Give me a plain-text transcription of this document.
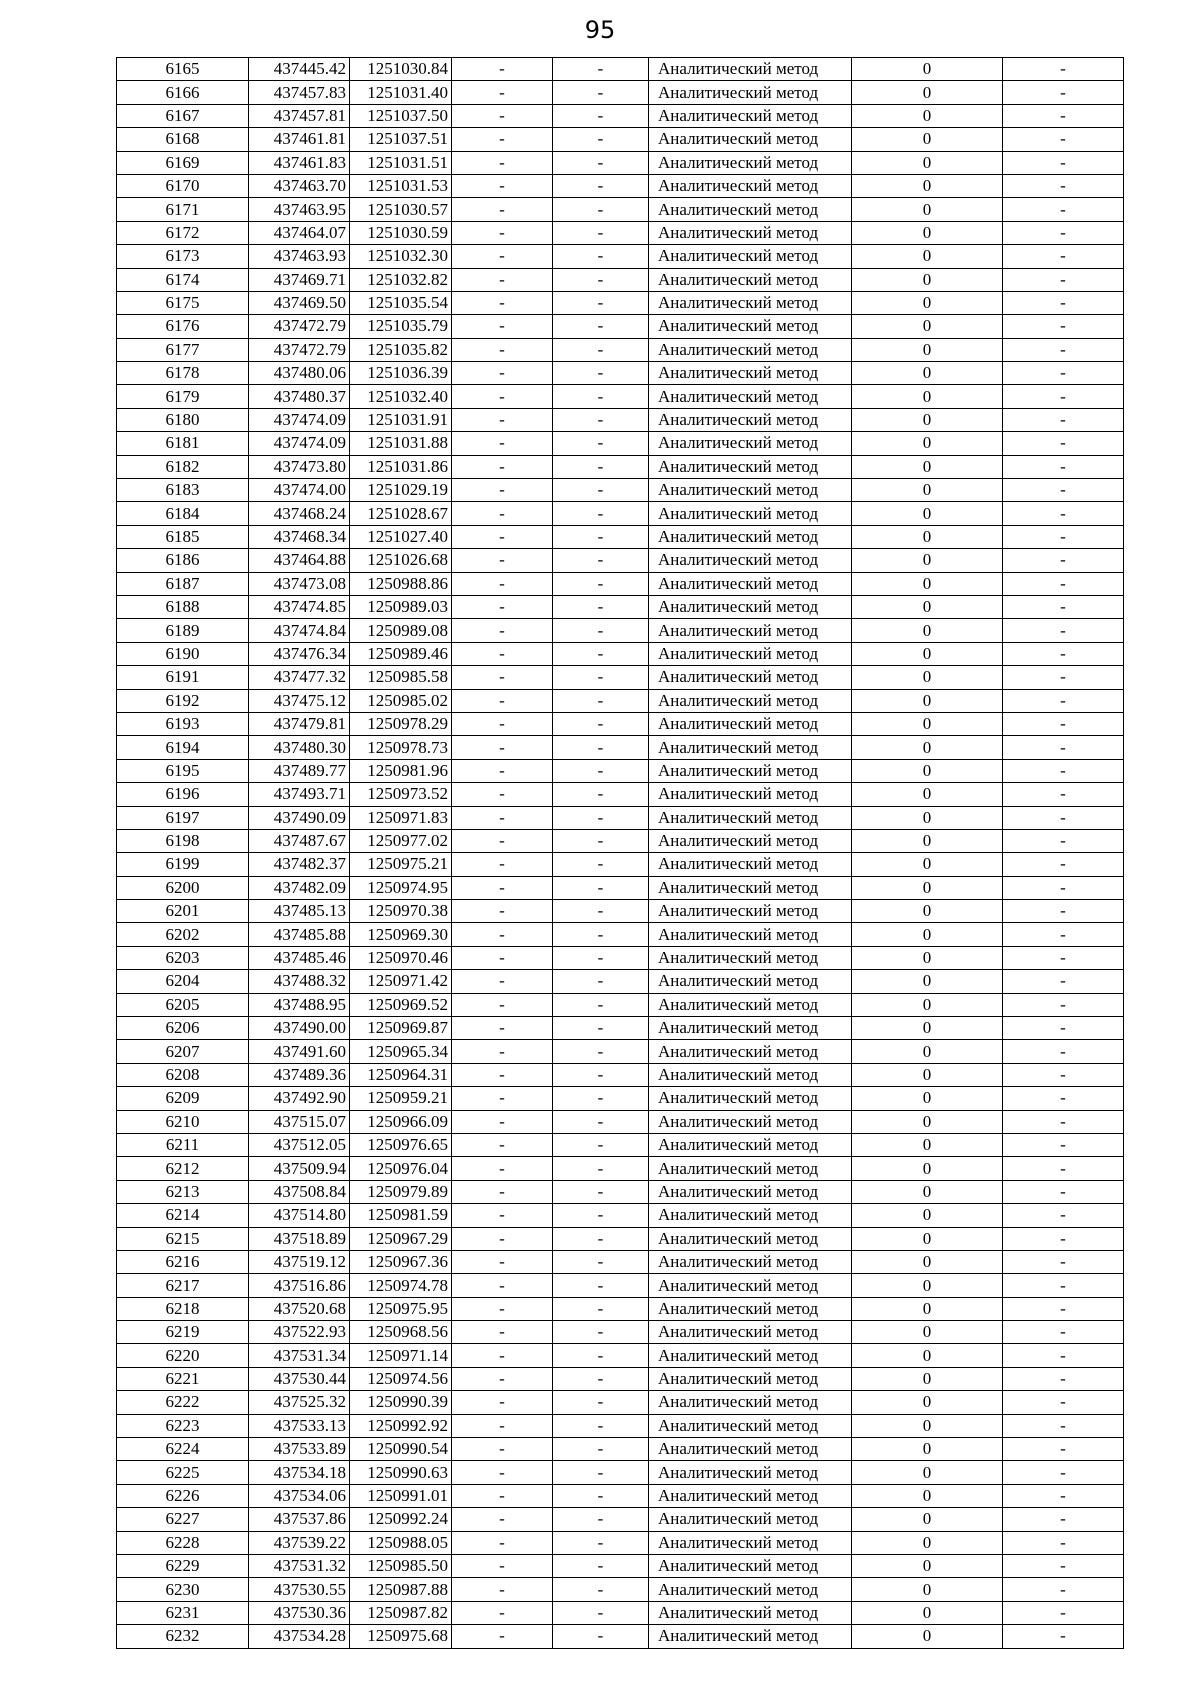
95
6165	437445.42	1251030.84	-	-	Аналитический метод	0	-
6166	437457.83	1251031.40	-	-	Аналитический метод	0	-
6167	437457.81	1251037.50	-	-	Аналитический метод	0	-
6168	437461.81	1251037.51	-	-	Аналитический метод	0	-
6169	437461.83	1251031.51	-	-	Аналитический метод	0	-
6170	437463.70	1251031.53	-	-	Аналитический метод	0	-
6171	437463.95	1251030.57	-	-	Аналитический метод	0	-
6172	437464.07	1251030.59	-	-	Аналитический метод	0	-
6173	437463.93	1251032.30	-	-	Аналитический метод	0	-
6174	437469.71	1251032.82	-	-	Аналитический метод	0	-
6175	437469.50	1251035.54	-	-	Аналитический метод	0	-
6176	437472.79	1251035.79	-	-	Аналитический метод	0	-
6177	437472.79	1251035.82	-	-	Аналитический метод	0	-
6178	437480.06	1251036.39	-	-	Аналитический метод	0	-
6179	437480.37	1251032.40	-	-	Аналитический метод	0	-
6180	437474.09	1251031.91	-	-	Аналитический метод	0	-
6181	437474.09	1251031.88	-	-	Аналитический метод	0	-
6182	437473.80	1251031.86	-	-	Аналитический метод	0	-
6183	437474.00	1251029.19	-	-	Аналитический метод	0	-
6184	437468.24	1251028.67	-	-	Аналитический метод	0	-
6185	437468.34	1251027.40	-	-	Аналитический метод	0	-
6186	437464.88	1251026.68	-	-	Аналитический метод	0	-
6187	437473.08	1250988.86	-	-	Аналитический метод	0	-
6188	437474.85	1250989.03	-	-	Аналитический метод	0	-
6189	437474.84	1250989.08	-	-	Аналитический метод	0	-
6190	437476.34	1250989.46	-	-	Аналитический метод	0	-
6191	437477.32	1250985.58	-	-	Аналитический метод	0	-
6192	437475.12	1250985.02	-	-	Аналитический метод	0	-
6193	437479.81	1250978.29	-	-	Аналитический метод	0	-
6194	437480.30	1250978.73	-	-	Аналитический метод	0	-
6195	437489.77	1250981.96	-	-	Аналитический метод	0	-
6196	437493.71	1250973.52	-	-	Аналитический метод	0	-
6197	437490.09	1250971.83	-	-	Аналитический метод	0	-
6198	437487.67	1250977.02	-	-	Аналитический метод	0	-
6199	437482.37	1250975.21	-	-	Аналитический метод	0	-
6200	437482.09	1250974.95	-	-	Аналитический метод	0	-
6201	437485.13	1250970.38	-	-	Аналитический метод	0	-
6202	437485.88	1250969.30	-	-	Аналитический метод	0	-
6203	437485.46	1250970.46	-	-	Аналитический метод	0	-
6204	437488.32	1250971.42	-	-	Аналитический метод	0	-
6205	437488.95	1250969.52	-	-	Аналитический метод	0	-
6206	437490.00	1250969.87	-	-	Аналитический метод	0	-
6207	437491.60	1250965.34	-	-	Аналитический метод	0	-
6208	437489.36	1250964.31	-	-	Аналитический метод	0	-
6209	437492.90	1250959.21	-	-	Аналитический метод	0	-
6210	437515.07	1250966.09	-	-	Аналитический метод	0	-
6211	437512.05	1250976.65	-	-	Аналитический метод	0	-
6212	437509.94	1250976.04	-	-	Аналитический метод	0	-
6213	437508.84	1250979.89	-	-	Аналитический метод	0	-
6214	437514.80	1250981.59	-	-	Аналитический метод	0	-
6215	437518.89	1250967.29	-	-	Аналитический метод	0	-
6216	437519.12	1250967.36	-	-	Аналитический метод	0	-
6217	437516.86	1250974.78	-	-	Аналитический метод	0	-
6218	437520.68	1250975.95	-	-	Аналитический метод	0	-
6219	437522.93	1250968.56	-	-	Аналитический метод	0	-
6220	437531.34	1250971.14	-	-	Аналитический метод	0	-
6221	437530.44	1250974.56	-	-	Аналитический метод	0	-
6222	437525.32	1250990.39	-	-	Аналитический метод	0	-
6223	437533.13	1250992.92	-	-	Аналитический метод	0	-
6224	437533.89	1250990.54	-	-	Аналитический метод	0	-
6225	437534.18	1250990.63	-	-	Аналитический метод	0	-
6226	437534.06	1250991.01	-	-	Аналитический метод	0	-
6227	437537.86	1250992.24	-	-	Аналитический метод	0	-
6228	437539.22	1250988.05	-	-	Аналитический метод	0	-
6229	437531.32	1250985.50	-	-	Аналитический метод	0	-
6230	437530.55	1250987.88	-	-	Аналитический метод	0	-
6231	437530.36	1250987.82	-	-	Аналитический метод	0	-
6232	437534.28	1250975.68	-	-	Аналитический метод	0	-
